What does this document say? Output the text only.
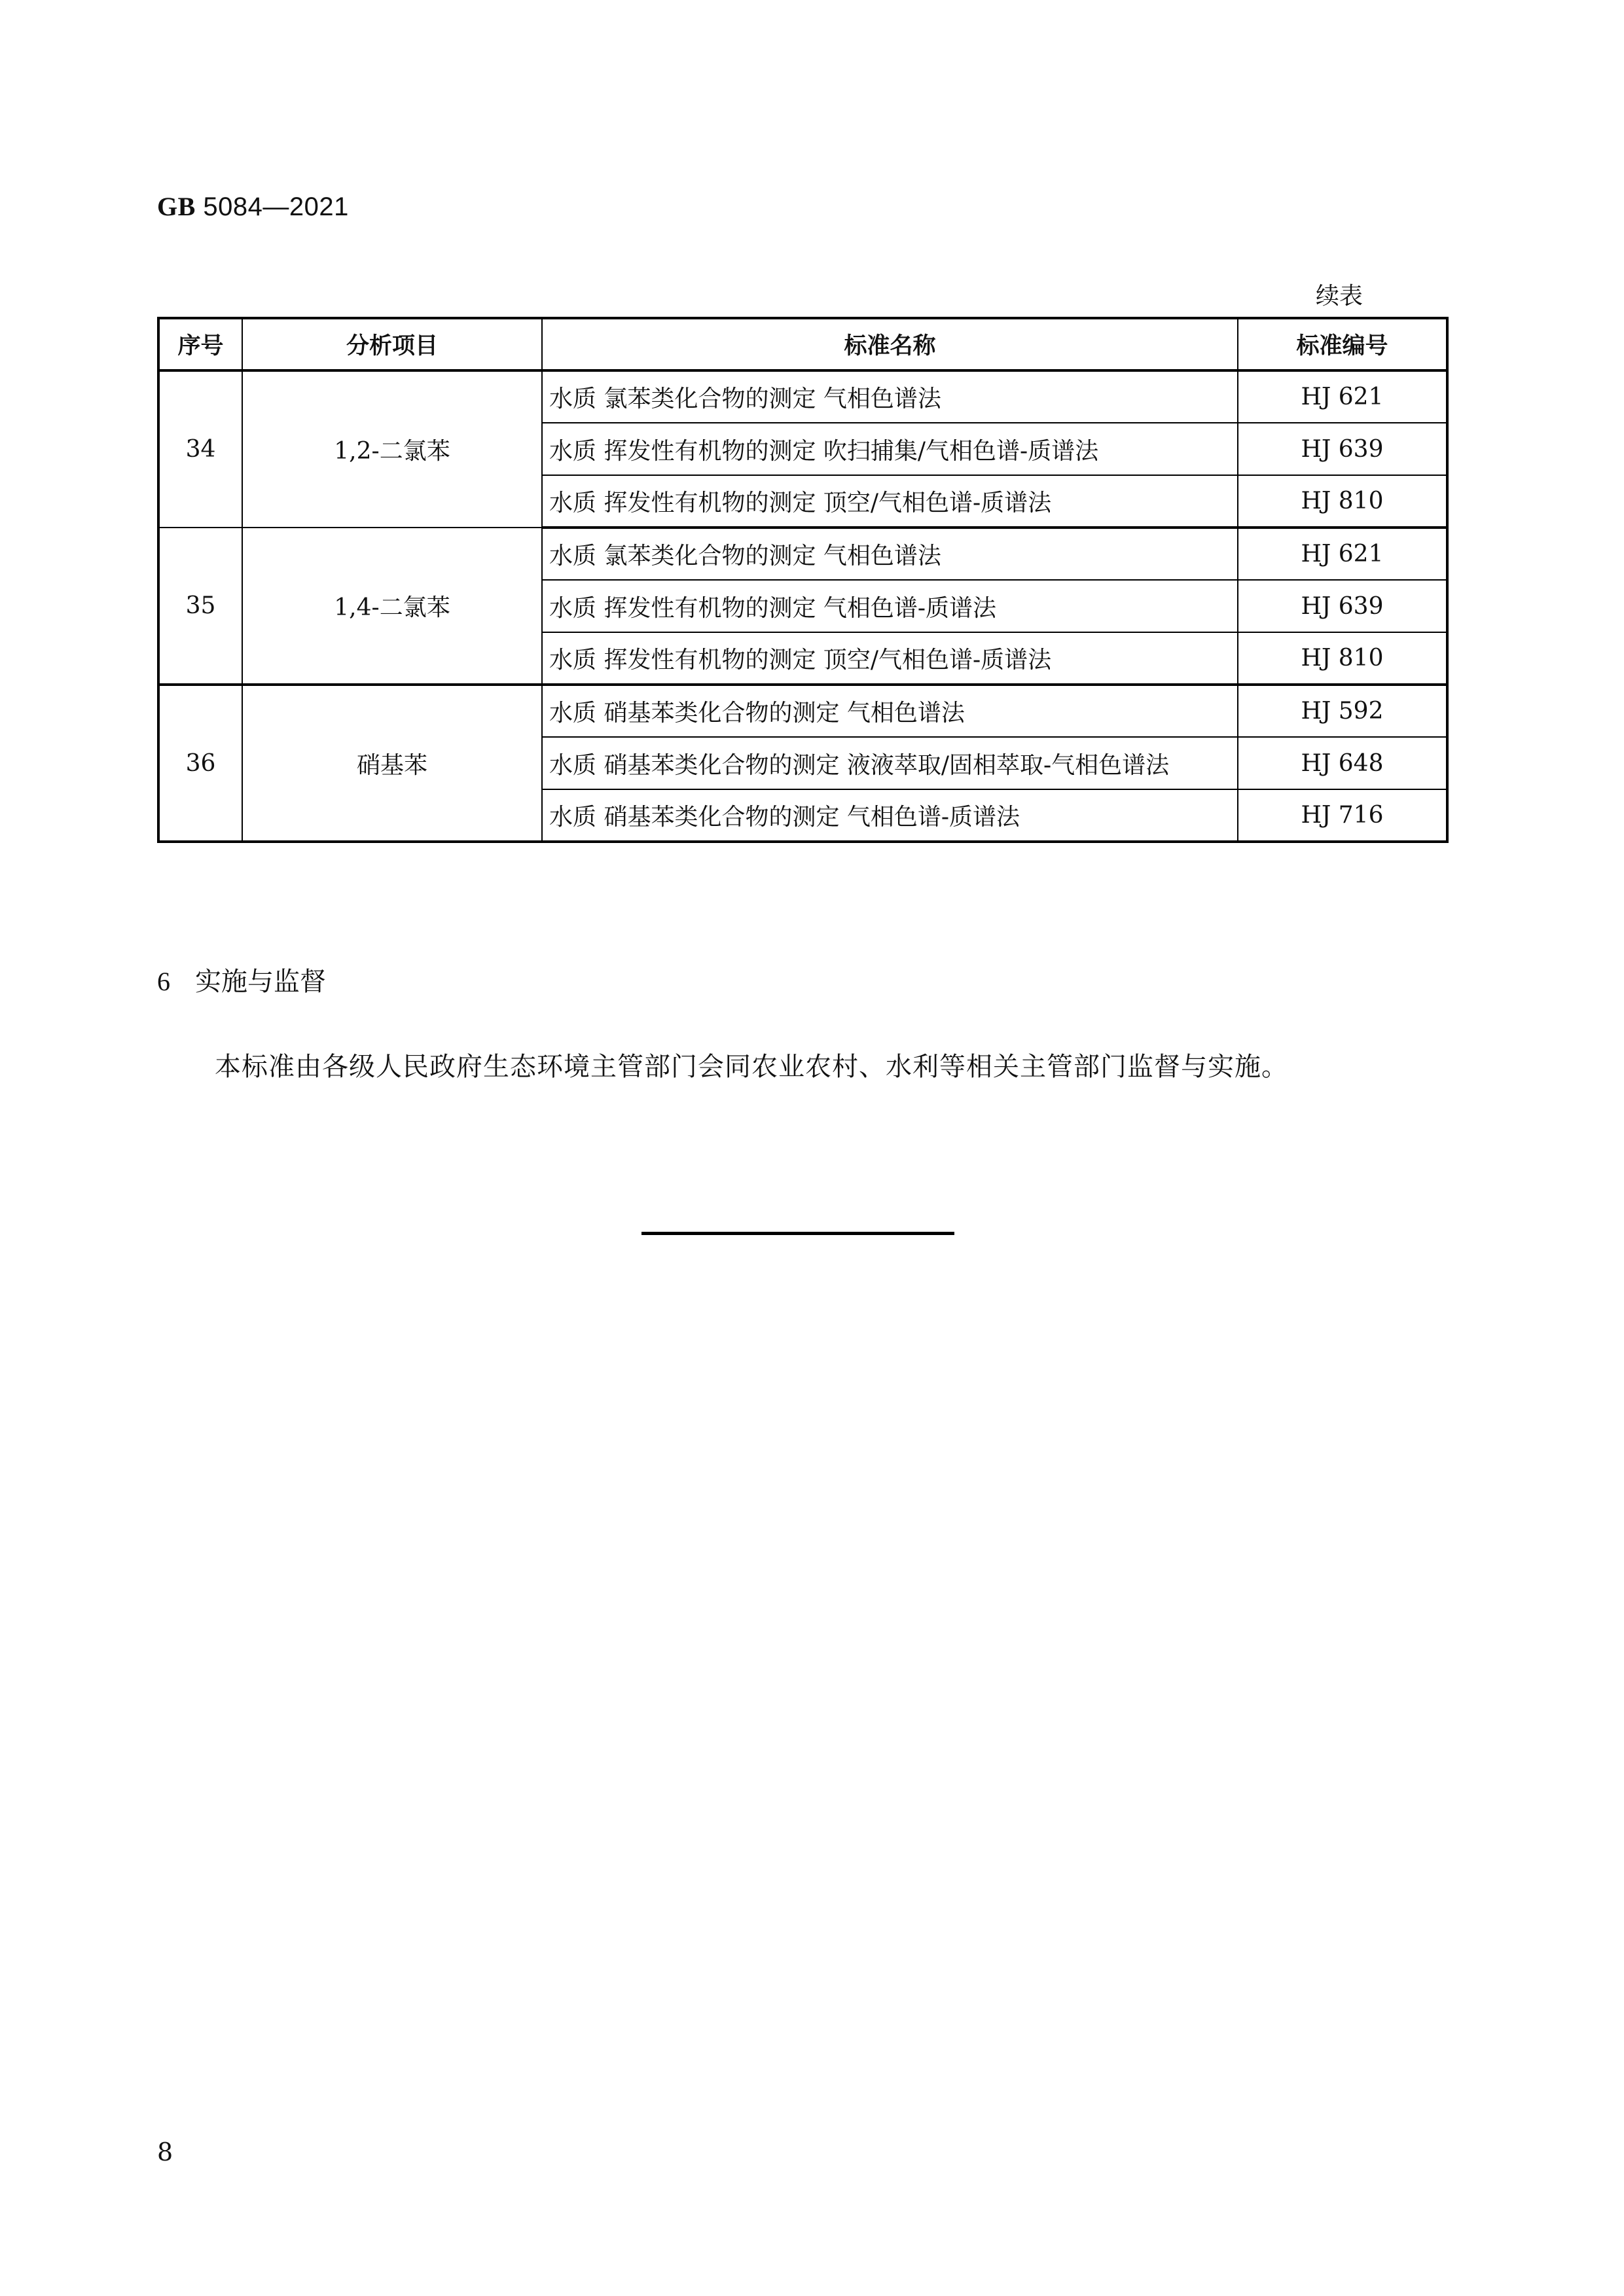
GB 5084—2021
续表
序号	分析项目	标准名称	标准编号
34	1,2-二氯苯	水质 氯苯类化合物的测定 气相色谱法	HJ 621
		水质 挥发性有机物的测定 吹扫捕集/气相色谱-质谱法	HJ 639
		水质 挥发性有机物的测定 顶空/气相色谱-质谱法	HJ 810
35	1,4-二氯苯	水质 氯苯类化合物的测定 气相色谱法	HJ 621
		水质 挥发性有机物的测定 气相色谱-质谱法	HJ 639
		水质 挥发性有机物的测定 顶空/气相色谱-质谱法	HJ 810
36	硝基苯	水质 硝基苯类化合物的测定 气相色谱法	HJ 592
		水质 硝基苯类化合物的测定 液液萃取/固相萃取-气相色谱法	HJ 648
		水质 硝基苯类化合物的测定 气相色谱-质谱法	HJ 716
6 实施与监督
本标准由各级人民政府生态环境主管部门会同农业农村、水利等相关主管部门监督与实施。
8
